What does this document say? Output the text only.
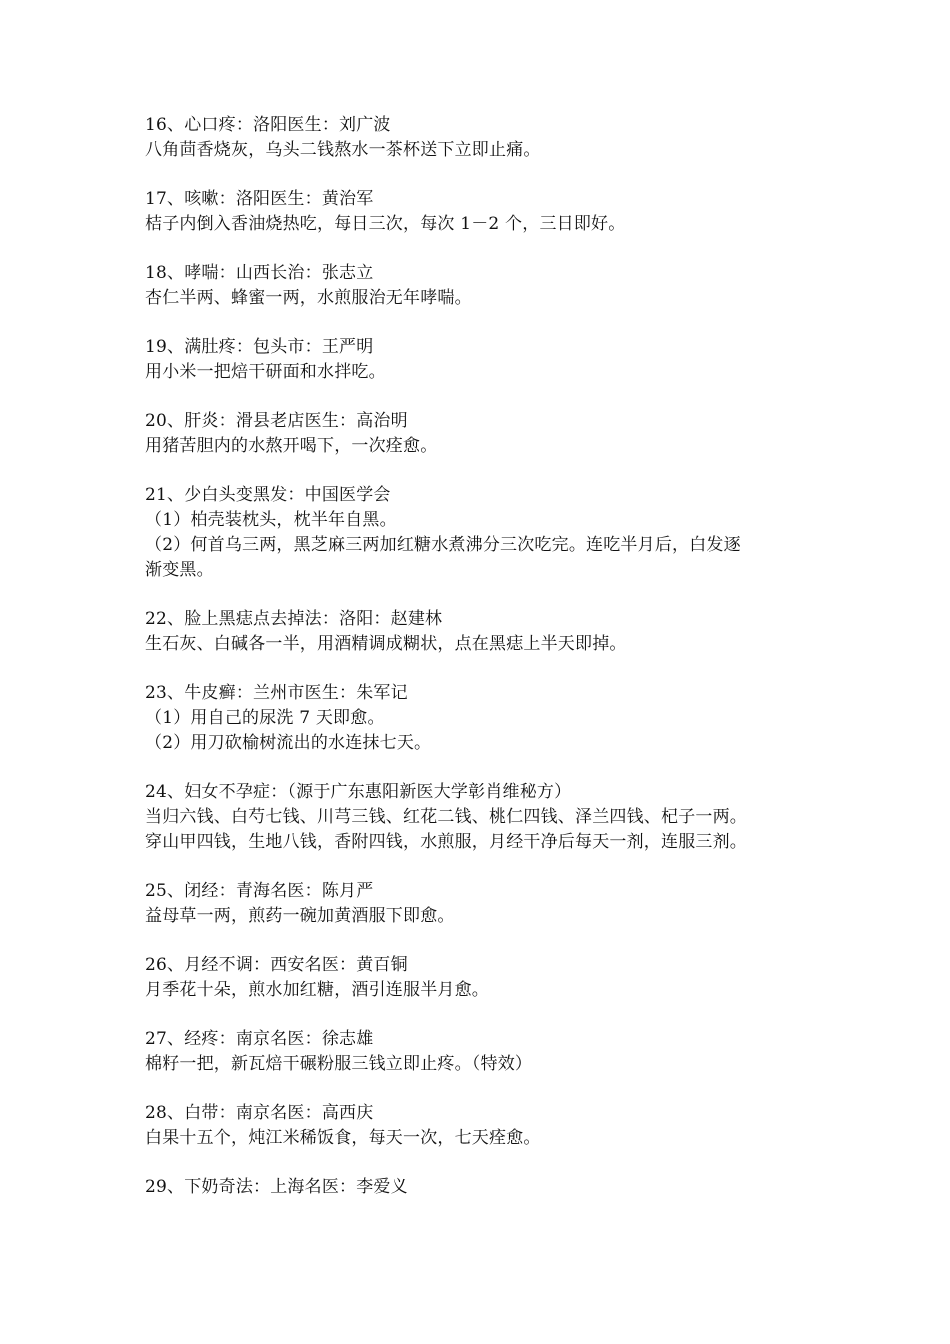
16、心口疼：洛阳医生：刘广波
八角茴香烧灰，乌头二钱熬水一茶杯送下立即止痛。
17、咳嗽：洛阳医生：黄治军
桔子内倒入香油烧热吃，每日三次，每次 1－2 个，三日即好。
18、哮喘：山西长治：张志立
杏仁半两、蜂蜜一两，水煎服治无年哮喘。
19、满肚疼：包头市：王严明
用小米一把焙干研面和水拌吃。
20、肝炎：滑县老店医生：高治明
用猪苦胆内的水熬开喝下，一次痊愈。
21、少白头变黑发：中国医学会
（1）柏壳装枕头，枕半年自黑。
（2）何首乌三两，黑芝麻三两加红糖水煮沸分三次吃完。连吃半月后，白发逐
渐变黑。
22、脸上黑痣点去掉法：洛阳：赵建林
生石灰、白碱各一半，用酒精调成糊状，点在黑痣上半天即掉。
23、牛皮癣：兰州市医生：朱军记
（1）用自己的尿洗 7 天即愈。
（2）用刀砍榆树流出的水连抹七天。
24、妇女不孕症：（源于广东惠阳新医大学彰肖维秘方）
当归六钱、白芍七钱、川芎三钱、红花二钱、桃仁四钱、泽兰四钱、杞子一两。
穿山甲四钱，生地八钱，香附四钱，水煎服，月经干净后每天一剂，连服三剂。
25、闭经：青海名医：陈月严
益母草一两，煎药一碗加黄酒服下即愈。
26、月经不调：西安名医：黄百铜
月季花十朵，煎水加红糖，酒引连服半月愈。
27、经疼：南京名医：徐志雄
棉籽一把，新瓦焙干碾粉服三钱立即止疼。（特效）
28、白带：南京名医：高西庆
白果十五个，炖江米稀饭食，每天一次，七天痊愈。
29、下奶奇法：上海名医：李爱义
